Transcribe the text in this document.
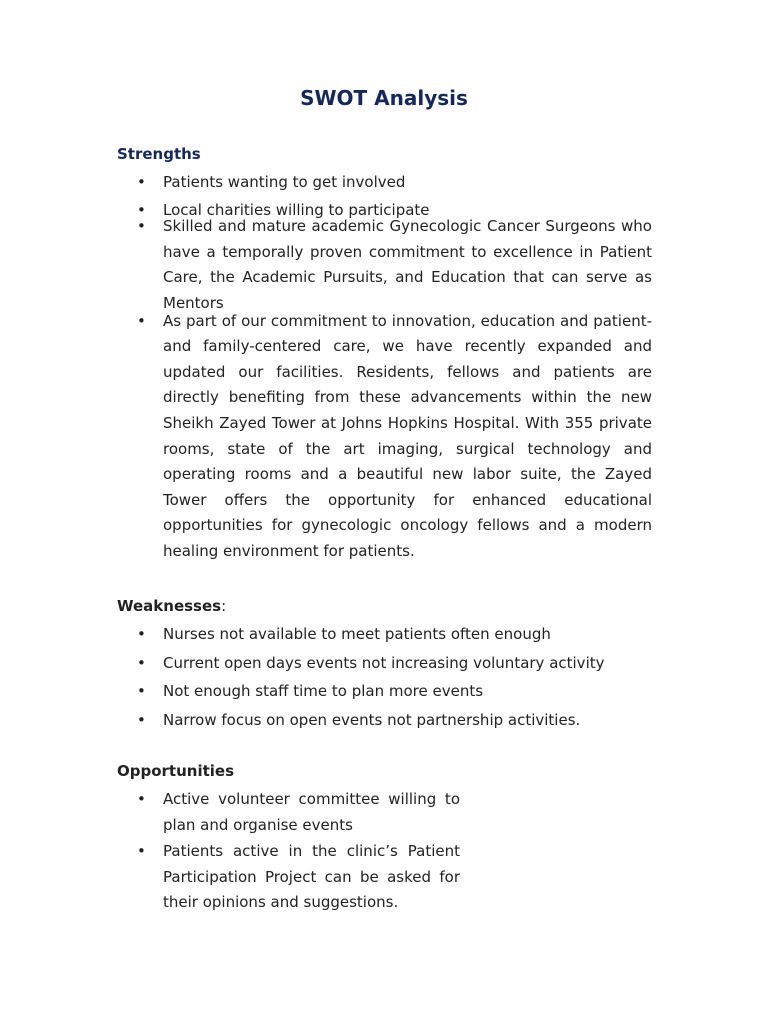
SWOT Analysis
Strengths
• Patients wanting to get involved
• Local charities willing to participate
• Skilled and mature academic Gynecologic Cancer Surgeons who have a temporally proven commitment to excellence in Patient Care, the Academic Pursuits, and Education that can serve as Mentors
• As part of our commitment to innovation, education and patient- and family-centered care, we have recently expanded and updated our facilities. Residents, fellows and patients are directly benefiting from these advancements within the new Sheikh Zayed Tower at Johns Hopkins Hospital. With 355 private rooms, state of the art imaging, surgical technology and operating rooms and a beautiful new labor suite, the Zayed Tower offers the opportunity for enhanced educational opportunities for gynecologic oncology fellows and a modern healing environment for patients.
Weaknesses:
• Nurses not available to meet patients often enough
• Current open days events not increasing voluntary activity
• Not enough staff time to plan more events
• Narrow focus on open events not partnership activities.
Opportunities
• Active volunteer committee willing to plan and organise events
• Patients active in the clinic’s Patient Participation Project can be asked for their opinions and suggestions.
